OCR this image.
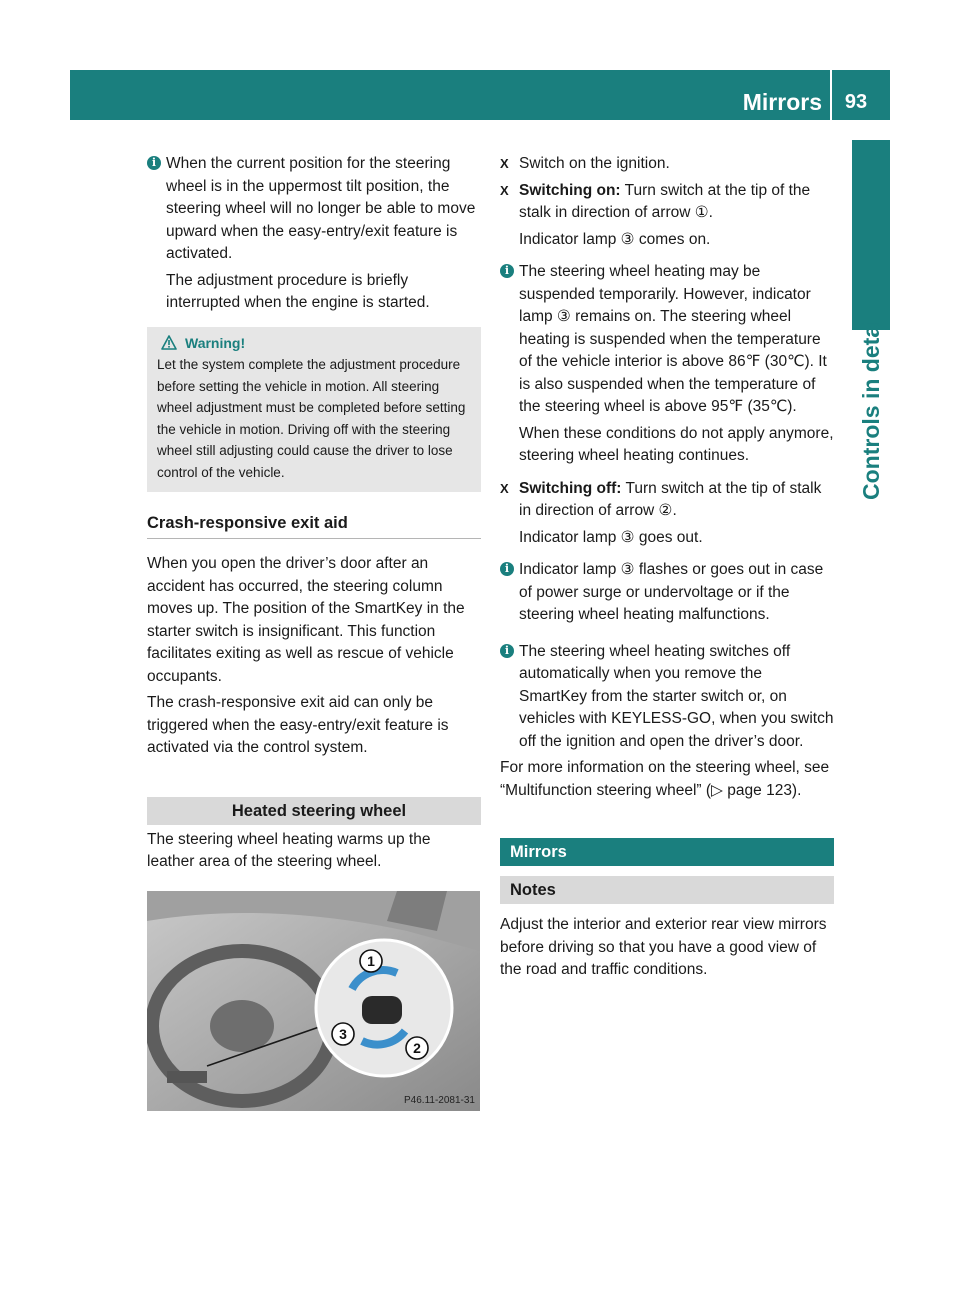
Mirrors	93
Controls in detail
i When the current position for the steering wheel is in the uppermost tilt position, the steering wheel will no longer be able to move upward when the easy-entry/exit feature is activated.

The adjustment procedure is briefly interrupted when the engine is started.

Warning!

Let the system complete the adjustment procedure before setting the vehicle in motion. All steering wheel adjustment must be completed before setting the vehicle in motion. Driving off with the steering wheel still adjusting could cause the driver to lose control of the vehicle.

Crash-responsive exit aid

When you open the driver’s door after an accident has occurred, the steering column moves up. The position of the SmartKey in the starter switch is insignificant. This function facilitates exiting as well as rescue of vehicle occupants.

The crash-responsive exit aid can only be triggered when the easy-entry/exit feature is activated via the control system.

Heated steering wheel

The steering wheel heating warms up the leather area of the steering wheel.

1
2
3
P46.11-2081-31
X Switch on the ignition.

X Switching on: Turn switch at the tip of the stalk in direction of arrow ①.

Indicator lamp ③ comes on.

i The steering wheel heating may be suspended temporarily. However, indicator lamp ③ remains on. The steering wheel heating is suspended when the temperature of the vehicle interior is above 86℉ (30℃). It is also suspended when the temperature of the steering wheel is above 95℉ (35℃).

When these conditions do not apply anymore, steering wheel heating continues.

X Switching off: Turn switch at the tip of stalk in direction of arrow ②.

Indicator lamp ③ goes out.

i Indicator lamp ③ flashes or goes out in case of power surge or undervoltage or if the steering wheel heating malfunctions.

i The steering wheel heating switches off automatically when you remove the SmartKey from the starter switch or, on vehicles with KEYLESS-GO, when you switch off the ignition and open the driver’s door.

For more information on the steering wheel, see “Multifunction steering wheel” (▷ page 123).

Mirrors
Notes

Adjust the interior and exterior rear view mirrors before driving so that you have a good view of the road and traffic conditions.
